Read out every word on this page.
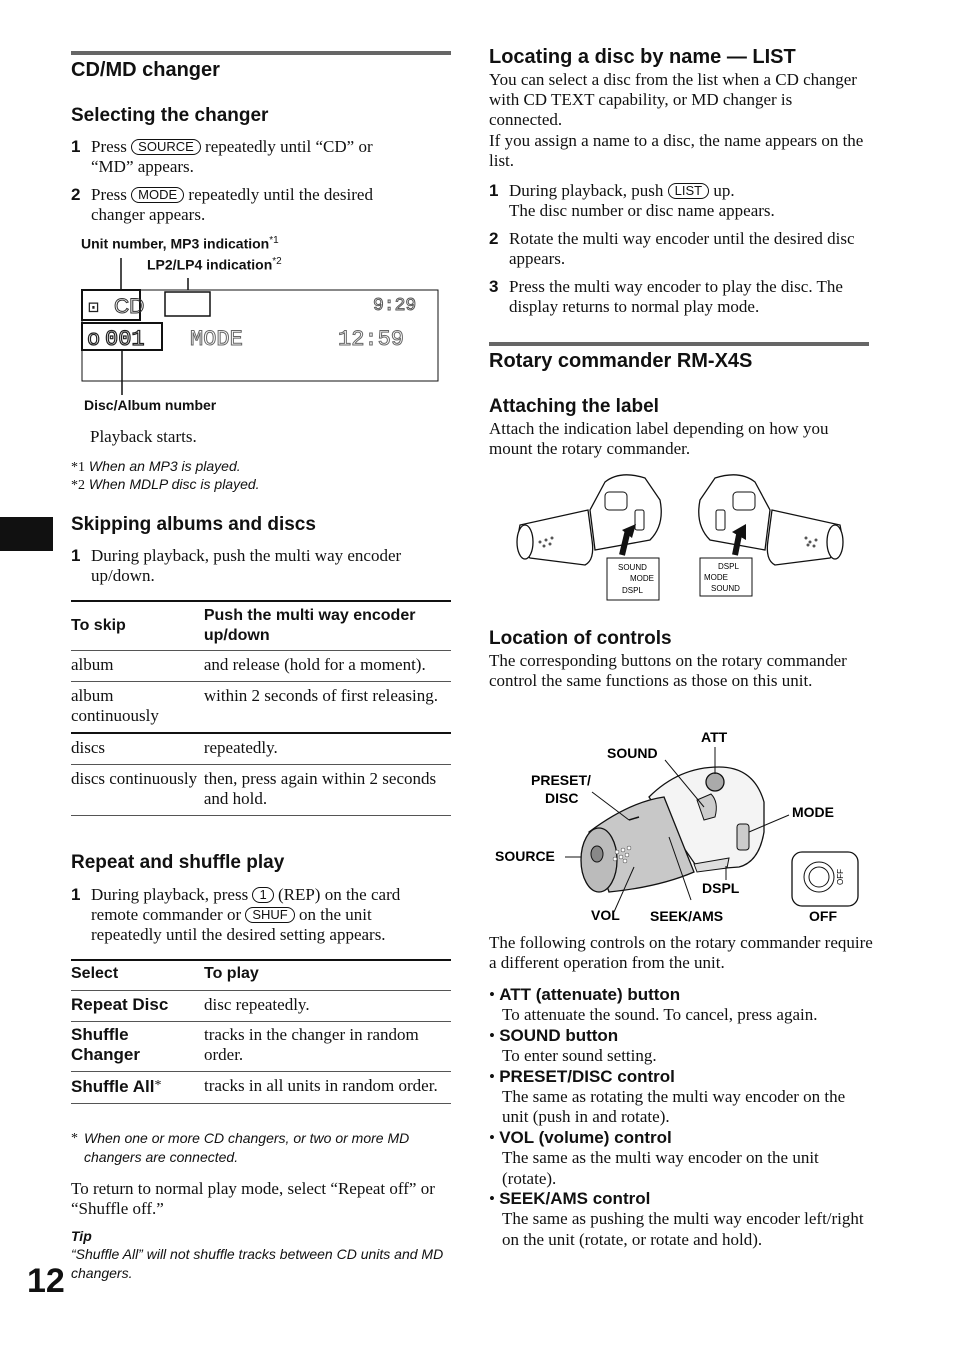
CD/MD changer
Selecting the changer
1 Press SOURCE repeatedly until “CD” or
“MD” appears.
2 Press MODE repeatedly until the desired
changer appears.
Unit number, MP3 indication$^{*1}$
LP2/LP4 indication$^{*2}$
⊡ CD	9:29
o 001 MODE	12:59
Disc/Album number
Playback starts.
*1 When an MP3 is played.
*2 When MDLP disc is played.
Skipping albums and discs
1 During playback, push the multi way encoder
up/down.
To skip	Push the multi way encoder
up/down
album	and release (hold for a moment).
album continuously	within 2 seconds of first releasing.
discs	repeatedly.
discs continuously	then, press again within 2 seconds and hold.
Repeat and shuffle play
1 During playback, press 1 (REP) on the card
remote commander or SHUF on the unit
repeatedly until the desired setting appears.
Select	To play
Repeat Disc	disc repeatedly.
Shuffle Changer	tracks in the changer in random order.
Shuffle All*	tracks in all units in random order.
* When one or more CD changers, or two or more MD changers are connected.
To return to normal play mode, select “Repeat off” or “Shuffle off.”
Tip
“Shuffle All” will not shuffle tracks between CD units and MD changers.
12
Locating a disc by name — LIST
You can select a disc from the list when a CD changer with CD TEXT capability, or MD changer is connected.
If you assign a name to a disc, the name appears on the list.
1 During playback, push LIST up.
The disc number or disc name appears.
2 Rotate the multi way encoder until the desired disc appears.
3 Press the multi way encoder to play the disc. The display returns to normal play mode.
Rotary commander RM-X4S
Attaching the label
Attach the indication label depending on how you mount the rotary commander.
SOUND
MODE
DSPL
DSPL
MODE
SOUND
Location of controls
The corresponding buttons on the rotary commander control the same functions as those on this unit.
OFF
ATT
SOUND
PRESET/
DISC
MODE
SOURCE
DSPL
VOL SEEK/AMS	OFF
The following controls on the rotary commander require a different operation from the unit.
• ATT (attenuate) button
To attenuate the sound. To cancel, press again.
• SOUND button
To enter sound setting.
• PRESET/DISC control
The same as rotating the multi way encoder on the unit (push in and rotate).
• VOL (volume) control
The same as the multi way encoder on the unit (rotate).
• SEEK/AMS control
The same as pushing the multi way encoder left/right on the unit (rotate, or rotate and hold).
